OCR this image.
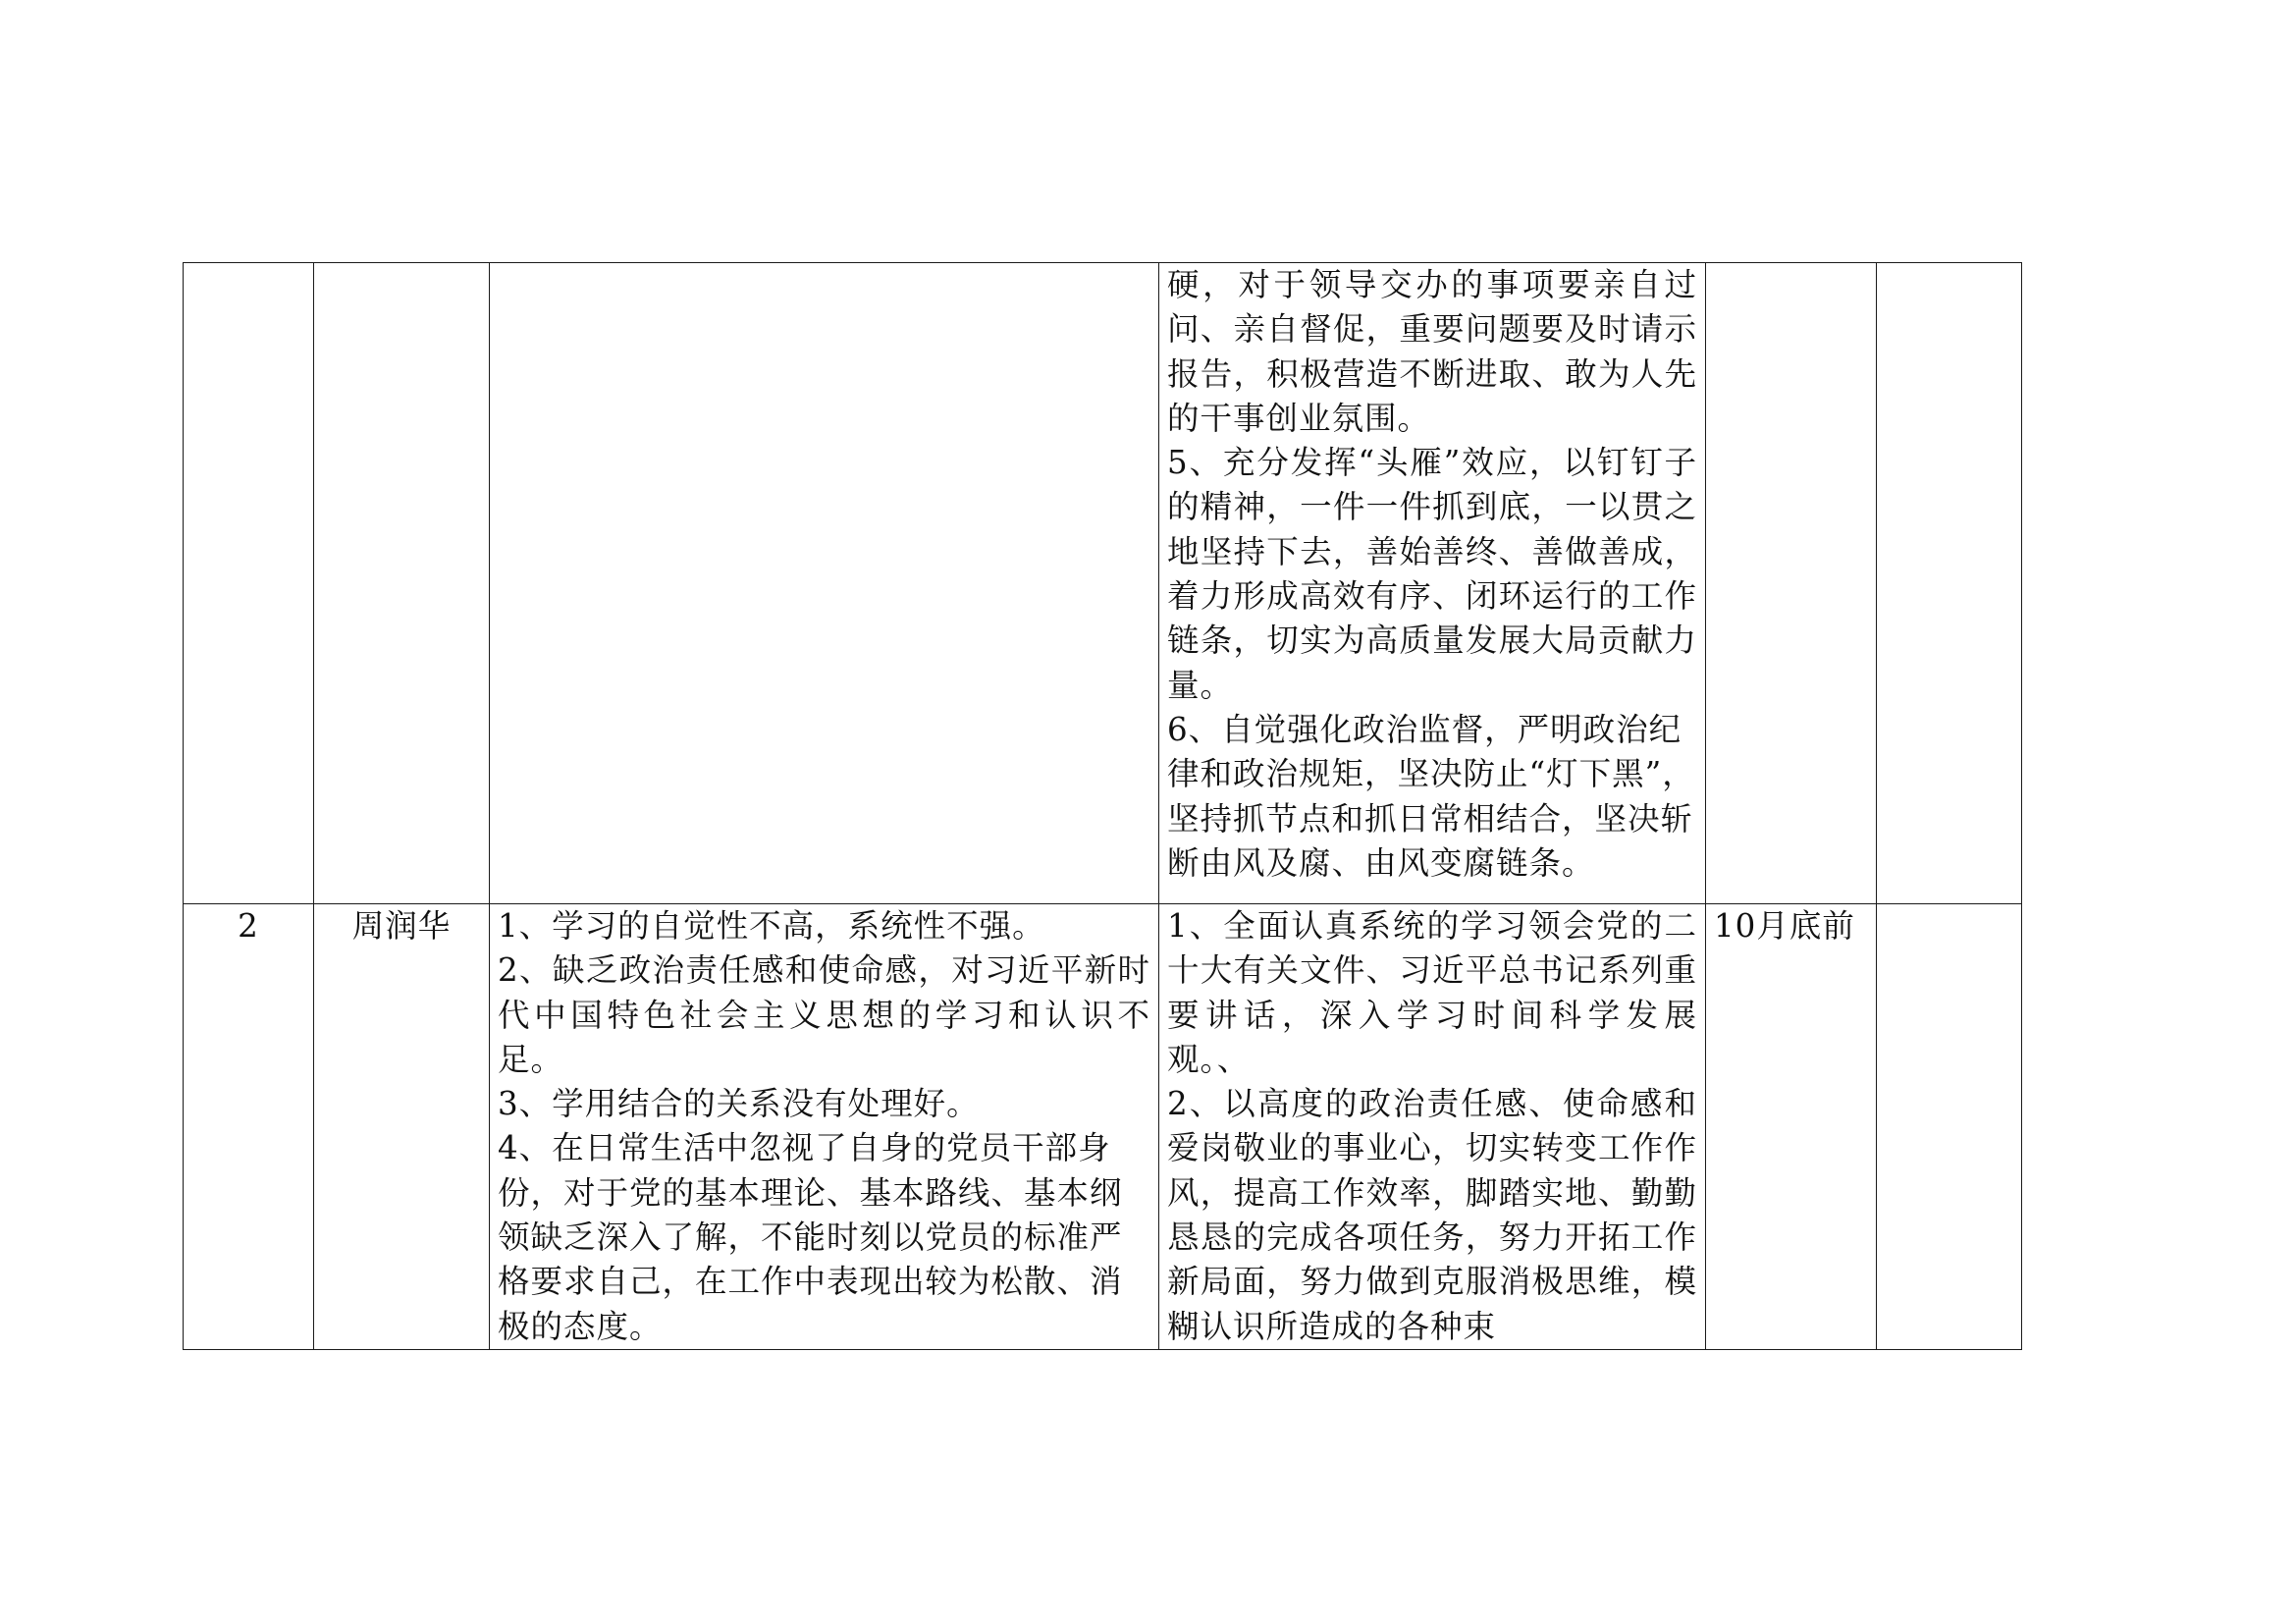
			硬，对于领导交办的事项要亲自过问、亲自督促，重要问题要及时请示报告，积极营造不断进取、敢为人先的干事创业氛围。
5、充分发挥“头雁”效应，以钉钉子的精神，一件一件抓到底，一以贯之地坚持下去，善始善终、善做善成，着力形成高效有序、闭环运行的工作链条，切实为高质量发展大局贡献力量。
6、自觉强化政治监督，严明政治纪律和政治规矩，坚决防止“灯下黑”，坚持抓节点和抓日常相结合，坚决斩断由风及腐、由风变腐链条。		

2	周润华	1、学习的自觉性不高，系统性不强。
2、缺乏政治责任感和使命感，对习近平新时代中国特色社会主义思想的学习和认识不足。
3、学用结合的关系没有处理好。
4、在日常生活中忽视了自身的党员干部身份，对于党的基本理论、基本路线、基本纲领缺乏深入了解，不能时刻以党员的标准严格要求自己，在工作中表现出较为松散、消极的态度。	1、全面认真系统的学习领会党的二十大有关文件、习近平总书记系列重要讲话，深入学习时间科学发展观。、
2、以高度的政治责任感、使命感和爱岗敬业的事业心，切实转变工作作风，提高工作效率，脚踏实地、勤勤恳恳的完成各项任务，努力开拓工作新局面，努力做到克服消极思维，模糊认识所造成的各种束	10月底前	
